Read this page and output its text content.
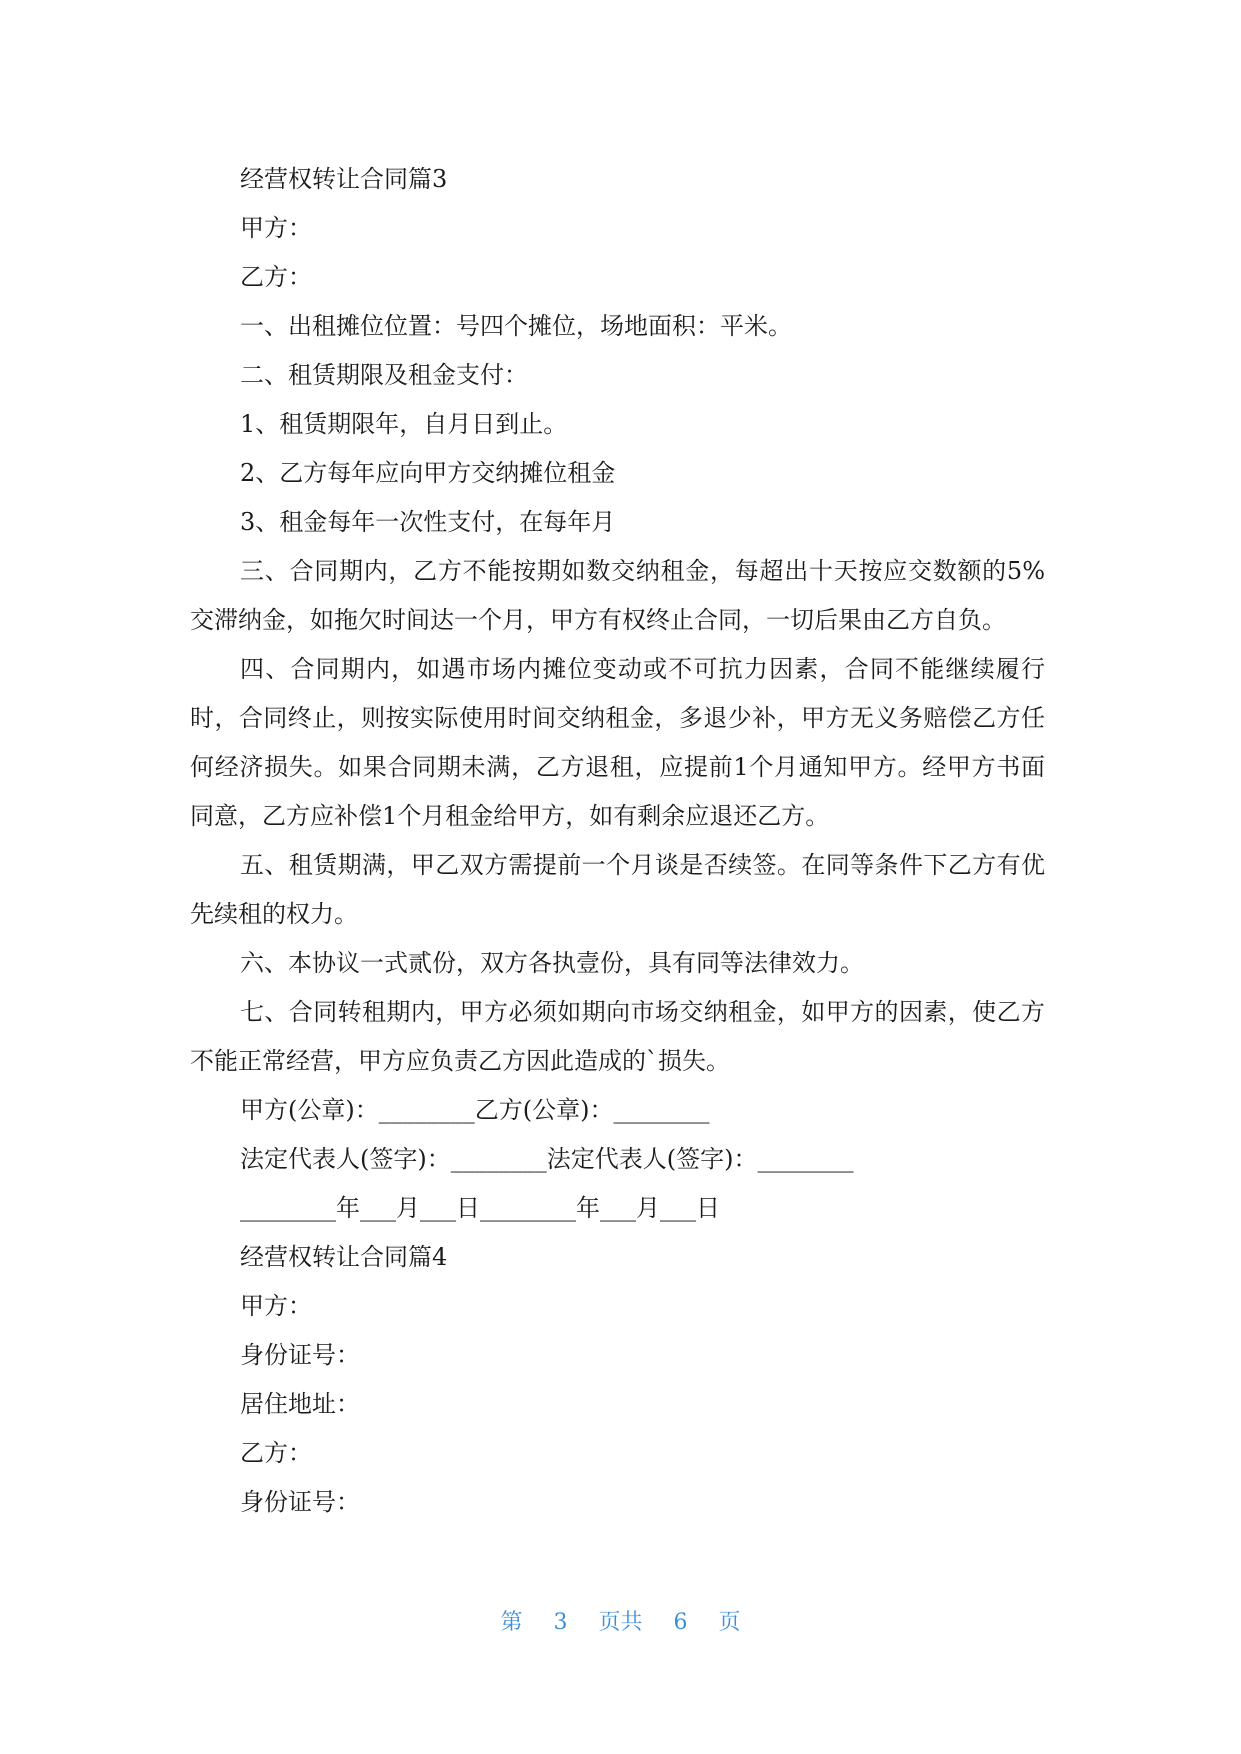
经营权转让合同篇3

甲方：

乙方：

一、出租摊位位置：号四个摊位，场地面积：平米。

二、租赁期限及租金支付：

1、租赁期限年，自月日到止。

2、乙方每年应向甲方交纳摊位租金

3、租金每年一次性支付，在每年月

三、合同期内，乙方不能按期如数交纳租金，每超出十天按应交数额的5%交滞纳金，如拖欠时间达一个月，甲方有权终止合同，一切后果由乙方自负。

四、合同期内，如遇市场内摊位变动或不可抗力因素，合同不能继续履行时，合同终止，则按实际使用时间交纳租金，多退少补，甲方无义务赔偿乙方任何经济损失。如果合同期未满，乙方退租，应提前1个月通知甲方。经甲方书面同意，乙方应补偿1个月租金给甲方，如有剩余应退还乙方。

五、租赁期满，甲乙双方需提前一个月谈是否续签。在同等条件下乙方有优先续租的权力。

六、本协议一式贰份，双方各执壹份，具有同等法律效力。

七、合同转租期内，甲方必须如期向市场交纳租金，如甲方的因素，使乙方不能正常经营，甲方应负责乙方因此造成的`损失。

甲方(公章)：________乙方(公章)：________

法定代表人(签字)：________法定代表人(签字)：________

________年___月___日________年___月___日

经营权转让合同篇4

甲方：

身份证号：

居住地址：

乙方：

身份证号：

第 3 页共 6 页
